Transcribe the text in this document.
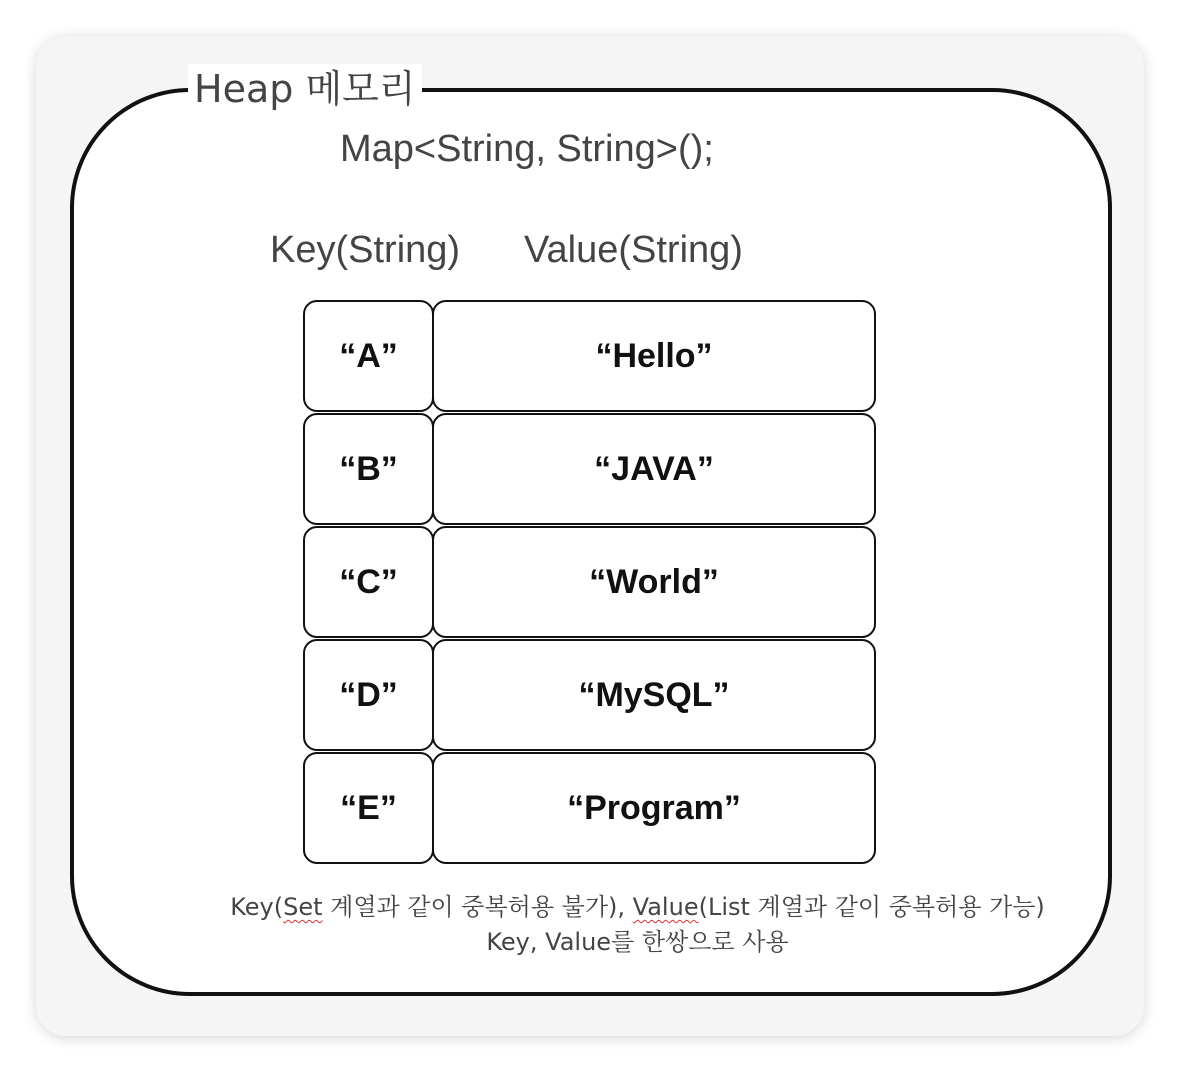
Heap 메모리
Map<String, String>();
Key(String) Value(String)
“A”	“Hello”
“B”	“JAVA”
“C”	“World”
“D”	“MySQL”
“E”	“Program”
Key(Set 계열과 같이 중복허용 불가), Value(List 계열과 같이 중복허용 가능)
Key, Value를 한쌍으로 사용
